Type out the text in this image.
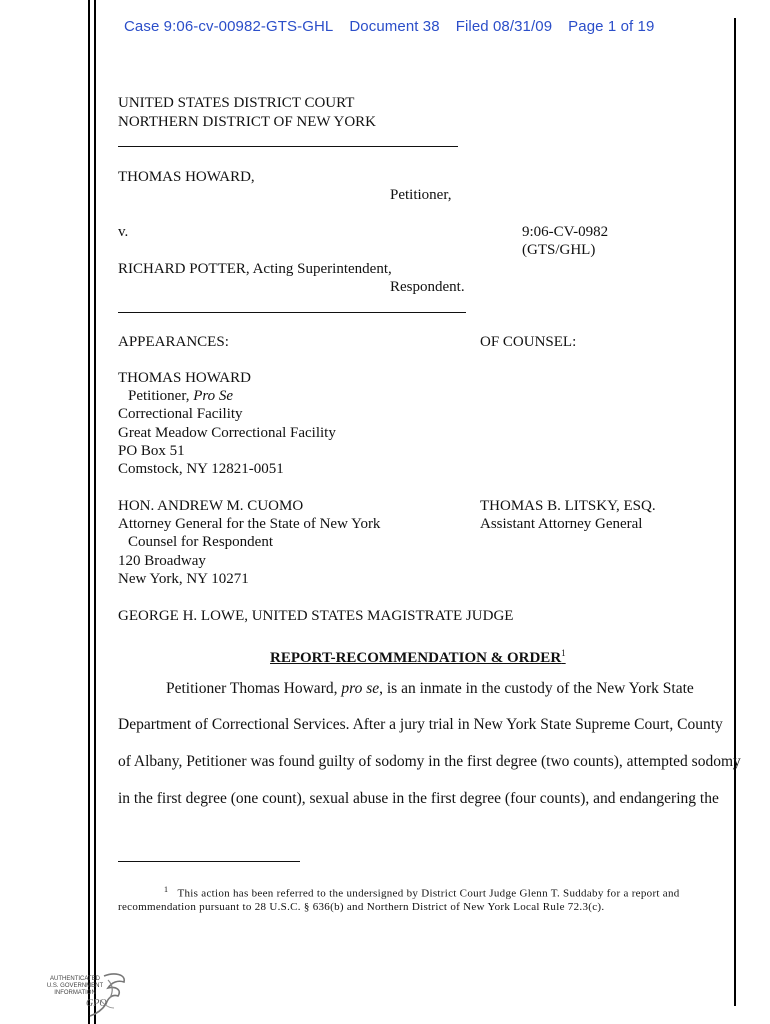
Case 9:06-cv-00982-GTS-GHL Document 38 Filed 08/31/09 Page 1 of 19
UNITED STATES DISTRICT COURT
NORTHERN DISTRICT OF NEW YORK
THOMAS HOWARD,
Petitioner,
v.	9:06-CV-0982
(GTS/GHL)
RICHARD POTTER, Acting Superintendent,
Respondent.
APPEARANCES:	OF COUNSEL:
THOMAS HOWARD
Petitioner, Pro Se
Correctional Facility
Great Meadow Correctional Facility
PO Box 51
Comstock, NY 12821-0051
HON. ANDREW M. CUOMO	THOMAS B. LITSKY, ESQ.
Attorney General for the State of New York	Assistant Attorney General
Counsel for Respondent
120 Broadway
New York, NY 10271
GEORGE H. LOWE, UNITED STATES MAGISTRATE JUDGE
REPORT-RECOMMENDATION & ORDER$^1$
Petitioner Thomas Howard, pro se, is an inmate in the custody of the New York State
Department of Correctional Services. After a jury trial in New York State Supreme Court, County
of Albany, Petitioner was found guilty of sodomy in the first degree (two counts), attempted sodomy
in the first degree (one count), sexual abuse in the first degree (four counts), and endangering the
$^1$ This action has been referred to the undersigned by District Court Judge Glenn T. Suddaby for a report and
recommendation pursuant to 28 U.S.C. § 636(b) and Northern District of New York Local Rule 72.3(c).
AUTHENTICATED
U.S. GOVERNMENT
INFORMATION
GPO
